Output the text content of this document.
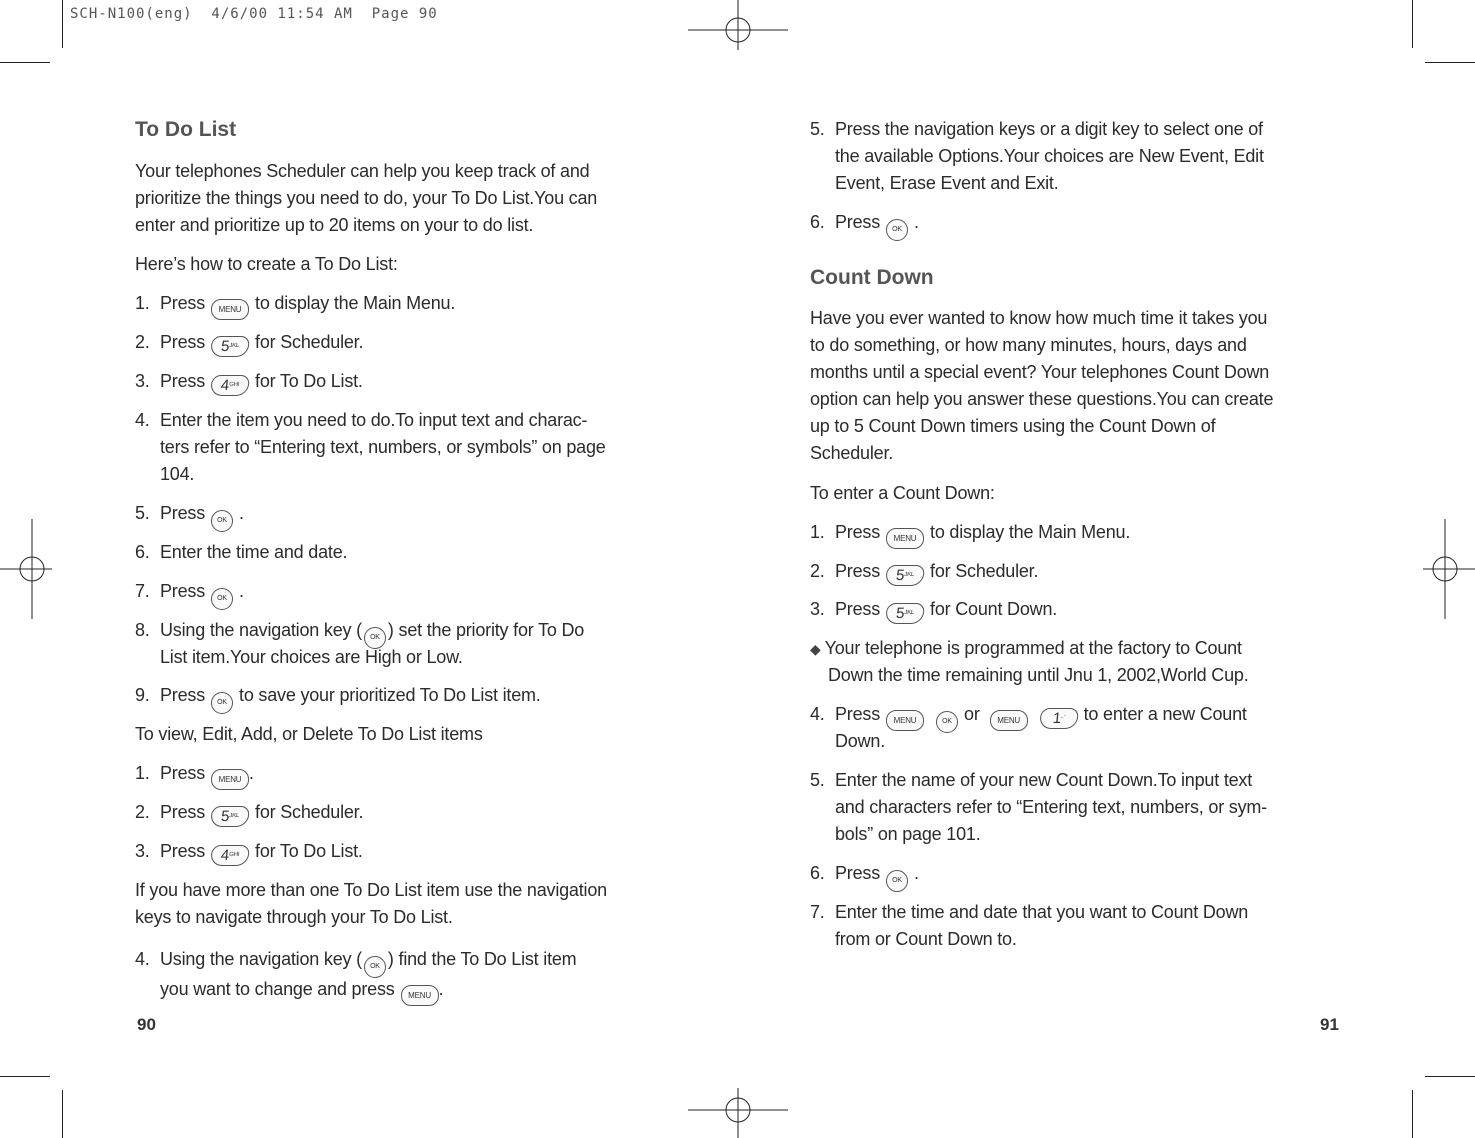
SCH-N100(eng)  4/6/00 11:54 AM  Page 90
To Do List
Your telephones Scheduler can help you keep track of and
prioritize the things you need to do, your To Do List.You can
enter and prioritize up to 20 items on your to do list.
Here’s how to create a To Do List:
1. Press MENU to display the Main Menu.
2. Press $5^{JKL}$ for Scheduler.
3. Press $4^{GHI}$ for To Do List.
4. Enter the item you need to do.To input text and charac-
ters refer to “Entering text, numbers, or symbols” on page
104.
5. Press OK .
6. Enter the time and date.
7. Press OK .
8. Using the navigation key ( OK ) set the priority for To Do
List item.Your choices are High or Low.
9. Press OK to save your prioritized To Do List item.
To view, Edit, Add, or Delete To Do List items
1. Press MENU .
2. Press $5^{JKL}$ for Scheduler.
3. Press $4^{GHI}$ for To Do List.
If you have more than one To Do List item use the navigation
keys to navigate through your To Do List.
4. Using the navigation key ( OK ) find the To Do List item
you want to change and press MENU .
90
5. Press the navigation keys or a digit key to select one of
the available Options.Your choices are New Event, Edit
Event, Erase Event and Exit.
6. Press OK .
Count Down
Have you ever wanted to know how much time it takes you
to do something, or how many minutes, hours, days and
months until a special event? Your telephones Count Down
option can help you answer these questions.You can create
up to 5 Count Down timers using the Count Down of
Scheduler.
To enter a Count Down:
1. Press MENU to display the Main Menu.
2. Press $5^{JKL}$ for Scheduler.
3. Press $5^{JKL}$ for Count Down.
◆ Your telephone is programmed at the factory to Count
Down the time remaining until Jnu 1, 2002,World Cup.
4. Press MENU	OK or MENU 1- ' to enter a new Count
Down.
5. Enter the name of your new Count Down.To input text
and characters refer to “Entering text, numbers, or sym-
bols” on page 101.
6. Press OK .
7. Enter the time and date that you want to Count Down
from or Count Down to.
91
